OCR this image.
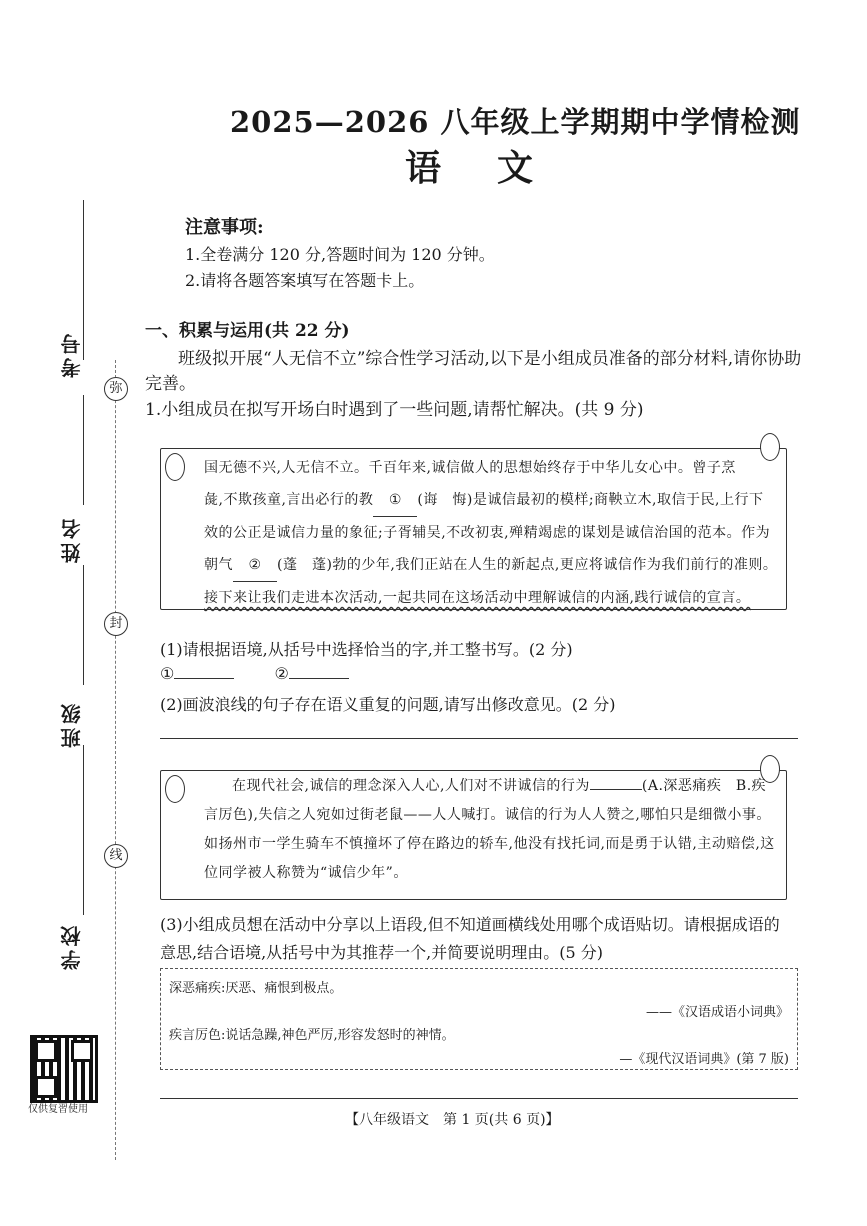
考号
弥
姓名
封
班级
线
学校
2025—2026 八年级上学期期中学情检测
语文
注意事项:
1.全卷满分 120 分,答题时间为 120 分钟。
2.请将各题答案填写在答题卡上。
一、积累与运用(共 22 分)
班级拟开展“人无信不立”综合性学习活动,以下是小组成员准备的部分材料,请你协助
完善。
1.小组成员在拟写开场白时遇到了一些问题,请帮忙解决。(共 9 分)
国无德不兴,人无信不立。千百年来,诚信做人的思想始终存于中华儿女心中。曾子烹
彘,不欺孩童,言出必行的教 ① (诲　悔)是诚信最初的模样;商鞅立木,取信于民,上行下
效的公正是诚信力量的象征;子胥辅吴,不改初衷,殚精竭虑的谋划是诚信治国的范本。作为
朝气 ② (蓬　蓬)勃的少年,我们正站在人生的新起点,更应将诚信作为我们前行的准则。
接下来让我们走进本次活动,一起共同在这场活动中理解诚信的内涵,践行诚信的宣言。
(1)请根据语境,从括号中选择恰当的字,并工整书写。(2 分)
①	②
(2)画波浪线的句子存在语义重复的问题,请写出修改意见。(2 分)
在现代社会,诚信的理念深入人心,人们对不讲诚信的行为	(A.深恶痛疾　B.疾
言厉色),失信之人宛如过街老鼠——人人喊打。诚信的行为人人赞之,哪怕只是细微小事。
如扬州市一学生骑车不慎撞坏了停在路边的轿车,他没有找托词,而是勇于认错,主动赔偿,这
位同学被人称赞为“诚信少年”。
(3)小组成员想在活动中分享以上语段,但不知道画横线处用哪个成语贴切。请根据成语的
意思,结合语境,从括号中为其推荐一个,并简要说明理由。(5 分)
深恶痛疾:厌恶、痛恨到极点。
——《汉语成语小词典》
疾言厉色:说话急躁,神色严厉,形容发怒时的神情。
—《现代汉语词典》(第 7 版)
【八年级语文　第 1 页(共 6 页)】
仅供复習使用
